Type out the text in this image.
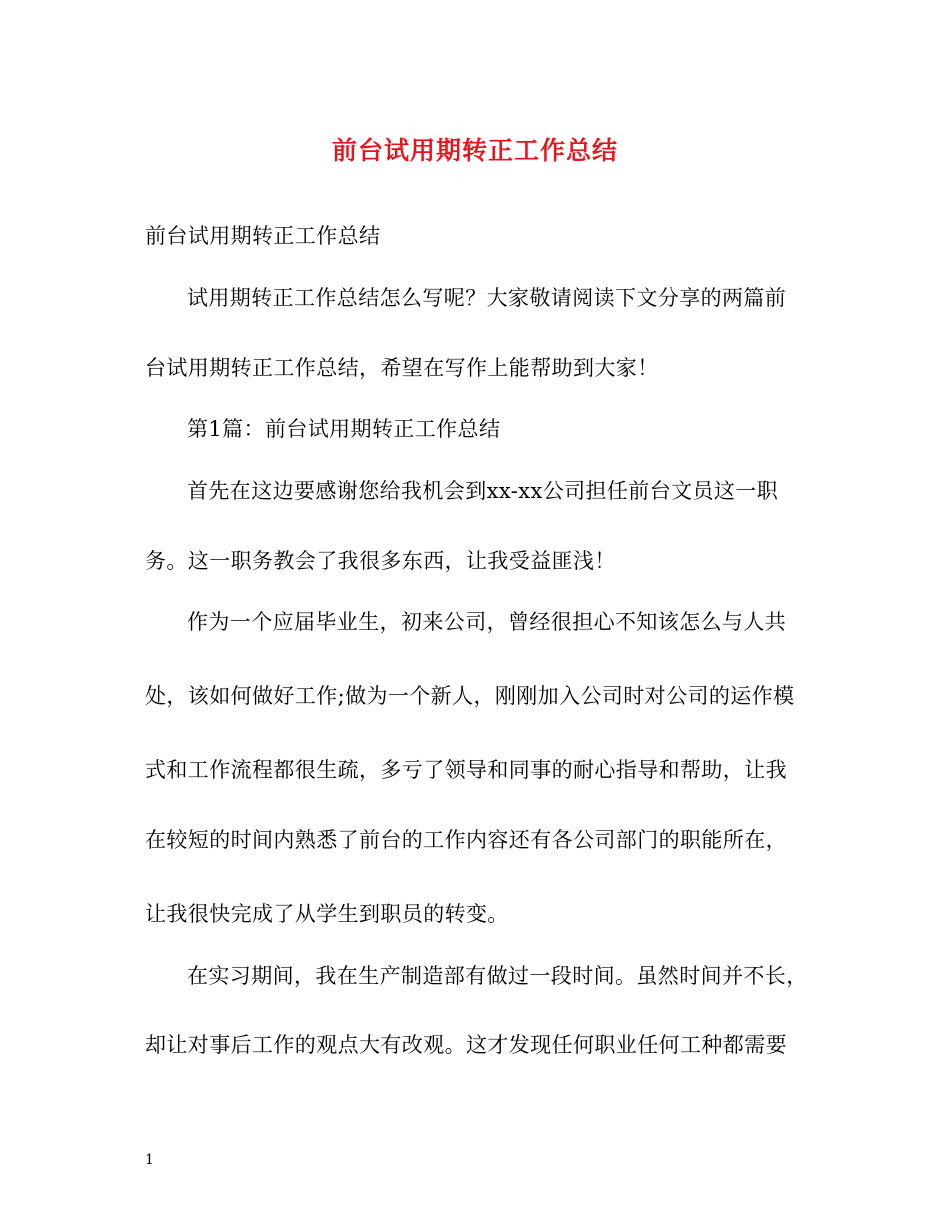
前台试用期转正工作总结
前台试用期转正工作总结
试用期转正工作总结怎么写呢？大家敬请阅读下文分享的两篇前
台试用期转正工作总结，希望在写作上能帮助到大家！
第1篇：前台试用期转正工作总结
首先在这边要感谢您给我机会到xx-xx公司担任前台文员这一职
务。这一职务教会了我很多东西，让我受益匪浅！
作为一个应届毕业生，初来公司，曾经很担心不知该怎么与人共
处，该如何做好工作;做为一个新人，刚刚加入公司时对公司的运作模
式和工作流程都很生疏，多亏了领导和同事的耐心指导和帮助，让我
在较短的时间内熟悉了前台的工作内容还有各公司部门的职能所在，
让我很快完成了从学生到职员的转变。
在实习期间，我在生产制造部有做过一段时间。虽然时间并不长，
却让对事后工作的观点大有改观。这才发现任何职业任何工种都需要
1
